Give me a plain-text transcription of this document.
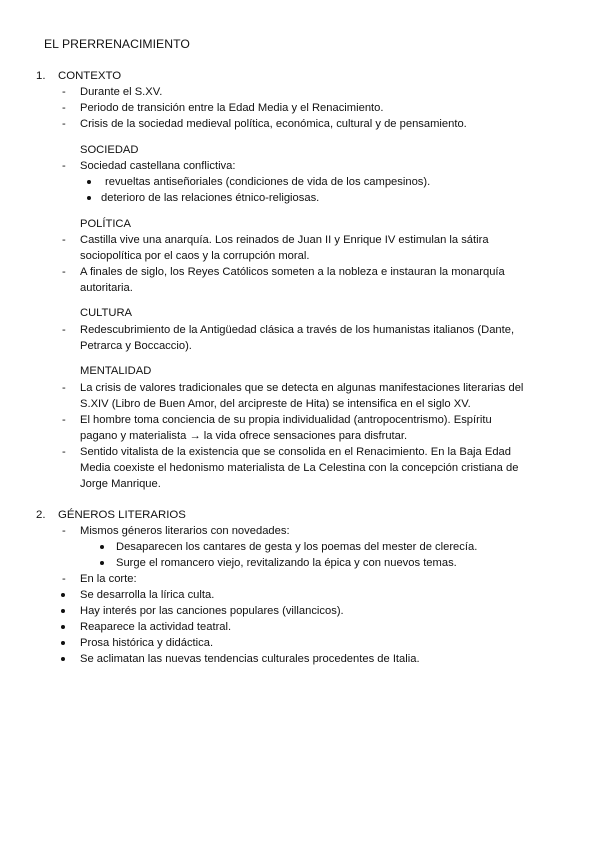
EL PRERRENACIMIENTO
1. CONTEXTO
- Durante el S.XV.
- Periodo de transición entre la Edad Media y el Renacimiento.
- Crisis de la sociedad medieval política, económica, cultural y de pensamiento.
SOCIEDAD
- Sociedad castellana conflictiva:
revueltas antiseñoriales (condiciones de vida de los campesinos).
deterioro de las relaciones étnico-religiosas.
POLÍTICA
- Castilla vive una anarquía. Los reinados de Juan II y Enrique IV estimulan la sátira
sociopolítica por el caos y la corrupción moral.
- A finales de siglo, los Reyes Católicos someten a la nobleza e instauran la monarquía
autoritaria.
CULTURA
- Redescubrimiento de la Antigüedad clásica a través de los humanistas italianos (Dante,
Petrarca y Boccaccio).
MENTALIDAD
- La crisis de valores tradicionales que se detecta en algunas manifestaciones literarias del
S.XIV (Libro de Buen Amor, del arcipreste de Hita) se intensifica en el siglo XV.
- El hombre toma conciencia de su propia individualidad (antropocentrismo). Espíritu
pagano y materialista → la vida ofrece sensaciones para disfrutar.
- Sentido vitalista de la existencia que se consolida en el Renacimiento. En la Baja Edad
Media coexiste el hedonismo materialista de La Celestina con la concepción cristiana de
Jorge Manrique.
2. GÉNEROS LITERARIOS
- Mismos géneros literarios con novedades:
Desaparecen los cantares de gesta y los poemas del mester de clerecía.
Surge el romancero viejo, revitalizando la épica y con nuevos temas.
- En la corte:
Se desarrolla la lírica culta.
Hay interés por las canciones populares (villancicos).
Reaparece la actividad teatral.
Prosa histórica y didáctica.
Se aclimatan las nuevas tendencias culturales procedentes de Italia.
